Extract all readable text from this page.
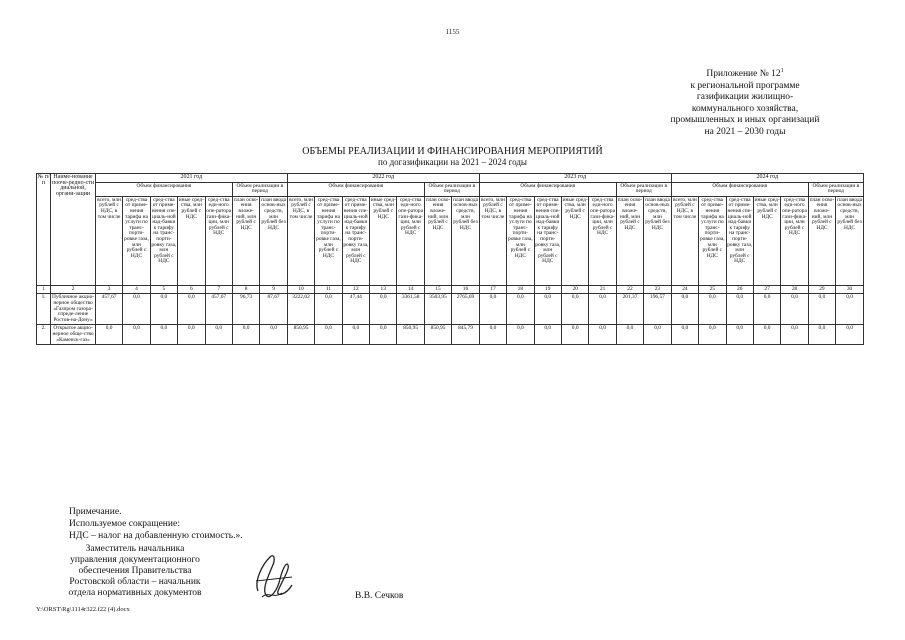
1155
Приложение № $12^1$
к региональной программе
газификации жилищно-
коммунального хозяйства,
промышленных и иных организаций
на 2021 – 2030 годы
ОБЪЕМЫ РЕАЛИЗАЦИИ И ФИНАНСИРОВАНИЯ МЕРОПРИЯТИЙ
по догазификации на 2021 – 2024 годы
№ п/п	Наиме-нование пооче-редно-сти диальной, органи-зации	2021 год							2022 год							2023 год							2024 год						
		Объем финансирования					Объем реализации в период		Объем финансирования					Объем реализации в период		Объем финансирования					Объем реализации в период		Объем финансирования					Объем реализации в период	
		всего, млн рублей с НДС, в том числе	сред-ства от приме-нения тарифа на услуги по транс-порти-ровке газа, млн рублей с НДС	сред-ства от приме-нения спе-циаль-ной над-бавки к тарифу на транс-порти-ровку газа, млн рублей с НДС	иные сред-ства, млн рублей с НДС	сред-ства еди-ного опе-ратора гази-фика-ции, млн рублей с НДС	план осво-ения вложе-ний, млн рублей с НДС	план ввода основ-ных средств, млн рублей без НДС	всего, млн рублей с НДС, в том числе	сред-ства от приме-нения тарифа на услуги по транс-порти-ровке газа, млн рублей с НДС	сред-ства от приме-нения спе-циаль-ной над-бавки к тарифу на транс-порти-ровку газа, млн рублей с НДС	иные сред-ства, млн рублей с НДС	сред-ства еди-ного опе-ратора гази-фика-ции, млн рублей с НДС	план осво-ения вложе-ний, млн рублей с НДС	план ввода основ-ных средств, млн рублей без НДС	всего, млн рублей с НДС, в том числе	сред-ства от приме-нения тарифа на услуги по транс-порти-ровке газа, млн рублей с НДС	сред-ства от приме-нения спе-циаль-ной над-бавки к тарифу на транс-порти-ровку газа, млн рублей с НДС	иные сред-ства, млн рублей с НДС	сред-ства еди-ного опе-ратора гази-фика-ции, млн рублей с НДС	план осво-ения вложе-ний, млн рублей с НДС	план ввода основ-ных средств, млн рублей без НДС	всего, млн рублей с НДС, в том числе	сред-ства от приме-нения тарифа на услуги по транс-порти-ровке газа, млн рублей с НДС	сред-ства от приме-нения спе-циаль-ной над-бавки к тарифу на транс-порти-ровку газа, млн рублей с НДС	иные сред-ства, млн рублей с НДС	сред-ства еди-ного опе-ратора гази-фика-ции, млн рублей с НДС	план осво-ения вложе-ний, млн рублей с НДС	план ввода основ-ных средств, млн рублей без НДС
1	2	3	4	5	6	7	8	9	10	11	12	13	14	15	16	17	18	19	20	21	22	23	24	25	26	27	28	29	30
1.	Публичное акцио-нерное общество «Газпром газора-спреде-ление Ростов-на-Дону»	457,67	0,0	0,0	0,0	457,67	96,73	87,67	3222,02	0,0	47,44	0,0	3361,58	3503,95	2765,69	0,0	0,0	0,0	0,0	0,0	201,37	196,57	0,0	0,0	0,0	0,0	0,0	0,0	0,0
2.	Открытое акцио-нерное обще-ство «Каменск-газ»	0,0	0,0	0,0	0,0	0,0	0,0	0,0	850,95	0,0	0,0	0,0	850,95	850,95	845,79	0,0	0,0	0,0	0,0	0,0	0,0	0,0	0,0	0,0	0,0	0,0	0,0	0,0	0,0
Примечание.
Используемое сокращение:
НДС – налог на добавленную стоимость.».
Заместитель начальника
управления документационного
обеспечения Правительства
Ростовской области – начальник
отдела нормативных документов	В.В. Сечков
Y:\ORST\Rg\1114r322.f22 (4).docx
